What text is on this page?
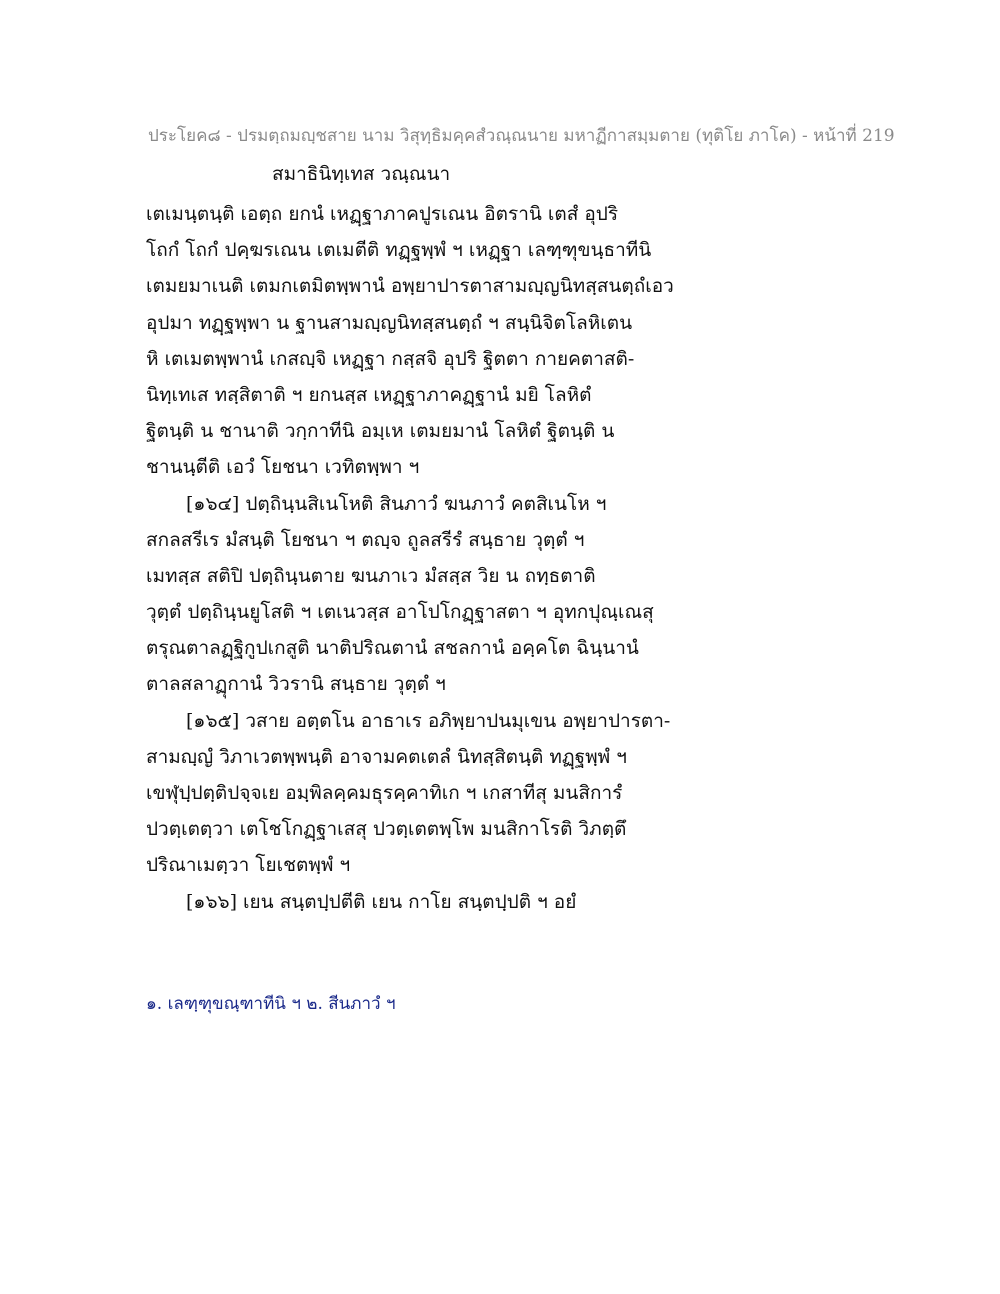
ประโยค๘ - ปรมตฺถมญฺชสาย นาม วิสุทฺธิมคฺคสํวณฺณนาย มหาฏีกาสมฺมตาย (ทุติโย ภาโค) - หน้าที่ 219
สมาธินิทฺเทส วณฺณนา
เตเมนฺตนฺติ เอตฺถ ยกนํ เหฏฺฐาภาคปูรเณน อิตรานิ เตสํ อุปริ
โถกํ โถกํ ปคฺฆรเณน เตเมตีติ ทฏฺฐพฺพํ ฯ เหฏฺฐา เลฑฺฑุขนฺธาทีนิ
เตมยมาเนติ เตมกเตมิตพฺพานํ อพฺยาปารตาสามญฺญนิทสฺสนตฺถํเอว
อุปมา ทฏฺฐพฺพา น ฐานสามญฺญนิทสฺสนตฺถํ ฯ สนฺนิจิตโลหิเตน
หิ เตเมตพฺพานํ เกสญฺจิ เหฏฺฐา กสฺสจิ อุปริ ฐิตตา กายคตาสติ-
นิทฺเทเส ทสฺสิตาติ ฯ ยกนสฺส เหฏฺฐาภาคฏฺฐานํ มยิ โลหิตํ
ฐิตนฺติ น ชานาติ วกฺกาทีนิ อมฺเห เตมยมานํ โลหิตํ ฐิตนฺติ น
ชานนฺตีติ เอวํ โยชนา เวทิตพฺพา ฯ
[๑๖๔] ปตฺถินฺนสิเนโหติ สินภาวํ ฆนภาวํ คตสิเนโห ฯ
สกลสรีเร มํสนฺติ โยชนา ฯ ตญฺจ ถูลสรีรํ สนฺธาย วุตฺตํ ฯ
เมทสฺส สติปิ ปตฺถินฺนตาย ฆนภาเว มํสสฺส วิย น ถทฺธตาติ
วุตฺตํ ปตฺถินฺนยูโสติ ฯ เตเนวสฺส อาโปโกฏฺฐาสตา ฯ อุทกปุณฺเณสุ
ตรุณตาลฏฺฐิกูปเกสูติ นาติปริณตานํ สชลกานํ อคฺคโต ฉินฺนานํ
ตาลสลาฏุกานํ วิวรานิ สนฺธาย วุตฺตํ ฯ
[๑๖๕] วสาย อตฺตโน อาธาเร อภิพฺยาปนมุเขน อพฺยาปารตา-
สามญฺญํ วิภาเวตพฺพนฺติ อาจามคตเตลํ นิทสฺสิตนฺติ ทฏฺฐพฺพํ ฯ
เขฬุปฺปตฺติปจฺจเย อมฺพิลคฺคมธุรคฺคาทิเก ฯ เกสาทีสุ มนสิการํ
ปวตฺเตตฺวา เตโชโกฏฺฐาเสสุ ปวตฺเตตพฺโพ มนสิกาโรติ วิภตฺตึ
ปริณาเมตฺวา โยเชตพฺพํ ฯ
[๑๖๖] เยน สนฺตปฺปตีติ เยน กาโย สนฺตปฺปติ ฯ อยํ
๑. เลฑฺฑุขณฺฑาทีนิ ฯ ๒. สีนภาวํ ฯ
